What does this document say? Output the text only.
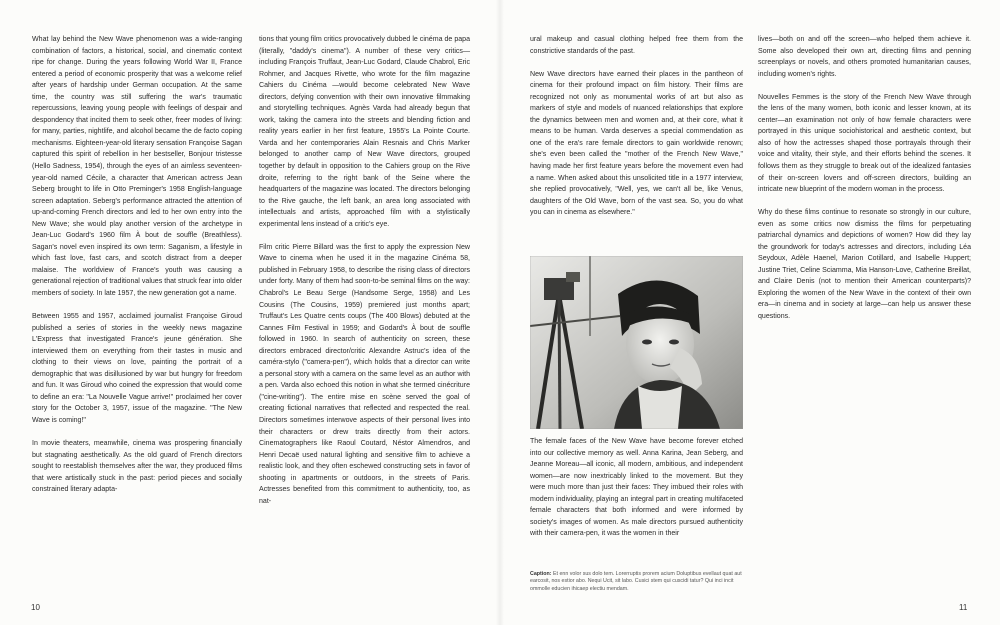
What lay behind the New Wave phenomenon was a wide-ranging combination of factors, a historical, social, and cinematic context ripe for change. During the years following World War II, France entered a period of economic prosperity that was a welcome relief after years of hardship under German occupation. At the same time, the country was still suffering the war's traumatic repercussions, leaving young people with feelings of despair and despondency that incited them to seek other, freer modes of living: for many, parties, nightlife, and alcohol became the de facto coping mechanisms. Eighteen-year-old literary sensation Françoise Sagan captured this spirit of rebellion in her bestseller, Bonjour tristesse (Hello Sadness, 1954), through the eyes of an aimless seventeen-year-old named Cécile, a character that American actress Jean Seberg brought to life in Otto Preminger's 1958 English-language screen adaptation. Seberg's performance attracted the attention of up-and-coming French directors and led to her own entry into the New Wave; she would play another version of the archetype in Jean-Luc Godard's 1960 film À bout de souffle (Breathless). Sagan's novel even inspired its own term: Saganism, a lifestyle in which fast love, fast cars, and scotch distract from a deeper malaise. The worldview of France's youth was causing a generational rejection of traditional values that struck fear into older members of society. In late 1957, the new generation got a name.

Between 1955 and 1957, acclaimed journalist Françoise Giroud published a series of stories in the weekly news magazine L'Express that investigated France's jeune génération. She interviewed them on everything from their tastes in music and clothing to their views on love, painting the portrait of a demographic that was disillusioned by war but hungry for freedom and fun. It was Giroud who coined the expression that would come to define an era: "La Nouvelle Vague arrive!" proclaimed her cover story for the October 3, 1957, issue of the magazine. "The New Wave is coming!"

In movie theaters, meanwhile, cinema was prospering financially but stagnating aesthetically. As the old guard of French directors sought to reestablish themselves after the war, they produced films that were artistically stuck in the past: period pieces and socially constrained literary adapta-

tions that young film critics provocatively dubbed le cinéma de papa (literally, "daddy's cinema"). A number of these very critics—including François Truffaut, Jean-Luc Godard, Claude Chabrol, Eric Rohmer, and Jacques Rivette, who wrote for the film magazine Cahiers du Cinéma —would become celebrated New Wave directors, defying convention with their own innovative filmmaking and storytelling techniques. Agnès Varda had already begun that work, taking the camera into the streets and blending fiction and reality years earlier in her first feature, 1955's La Pointe Courte. Varda and her contemporaries Alain Resnais and Chris Marker belonged to another camp of New Wave directors, grouped together by default in opposition to the Cahiers group on the Rive droite, referring to the right bank of the Seine where the headquarters of the magazine was located. The directors belonging to the Rive gauche, the left bank, an area long associated with intellectuals and artists, approached film with a stylistically experimental lens instead of a critic's eye.

Film critic Pierre Billard was the first to apply the expression New Wave to cinema when he used it in the magazine Cinéma 58, published in February 1958, to describe the rising class of directors under forty. Many of them had soon-to-be seminal films on the way: Chabrol's Le Beau Serge (Handsome Serge, 1958) and Les Cousins (The Cousins, 1959) premiered just months apart; Truffaut's Les Quatre cents coups (The 400 Blows) debuted at the Cannes Film Festival in 1959; and Godard's À bout de souffle followed in 1960. In search of authenticity on screen, these directors embraced director/critic Alexandre Astruc's idea of the caméra-stylo ("camera-pen"), which holds that a director can write a personal story with a camera on the same level as an author with a pen. Varda also echoed this notion in what she termed cinécriture ("cine-writing"). The entire mise en scène served the goal of creating fictional narratives that reflected and respected the real. Directors sometimes interwove aspects of their personal lives into their characters or drew traits directly from their actors. Cinematographers like Raoul Coutard, Néstor Almendros, and Henri Decaë used natural lighting and sensitive film to achieve a realistic look, and they often eschewed constructing sets in favor of shooting in apartments or outdoors, in the streets of Paris. Actresses benefited from this commitment to authenticity, too, as nat-

10

ural makeup and casual clothing helped free them from the constrictive standards of the past.

New Wave directors have earned their places in the pantheon of cinema for their profound impact on film history. Their films are recognized not only as monumental works of art but also as markers of style and models of nuanced relationships that explore the dynamics between men and women and, at their core, what it means to be human. Varda deserves a special commendation as one of the era's rare female directors to gain worldwide renown; she's even been called the "mother of the French New Wave," having made her first feature years before the movement even had a name. When asked about this unsolicited title in a 1977 interview, she replied provocatively, "Well, yes, we can't all be, like Venus, daughters of the Old Wave, born of the vast sea. So, you do what you can in cinema as elsewhere."

The female faces of the New Wave have become forever etched into our collective memory as well. Anna Karina, Jean Seberg, and Jeanne Moreau—all iconic, all modern, ambitious, and independent women—are now inextricably linked to the movement. But they were much more than just their faces: They imbued their roles with modern individuality, playing an integral part in creating multifaceted female characters that both informed and were informed by society's images of women. As male directors pursued authenticity with their camera-pen, it was the women in their

Caption: Et enn volor sus dolo tem. Lorerruptis prorem acium Doluptibus evellaut quat aut earcosit, nos estior abo. Nequi Ucit, sit labo. Cusici stem qui cuscidi tatur? Qui inci incit ommolle educien ihicaep electiu mendam.

lives—both on and off the screen—who helped them achieve it. Some also developed their own art, directing films and penning screenplays or novels, and others promoted humanitarian causes, including women's rights.

Nouvelles Femmes is the story of the French New Wave through the lens of the many women, both iconic and lesser known, at its center—an examination not only of how female characters were portrayed in this unique sociohistorical and aesthetic context, but also of how the actresses shaped those portrayals through their voice and vitality, their style, and their efforts behind the scenes. It follows them as they struggle to break out of the idealized fantasies of their on-screen lovers and off-screen directors, building an intricate new blueprint of the modern woman in the process.

Why do these films continue to resonate so strongly in our culture, even as some critics now dismiss the films for perpetuating patriarchal dynamics and depictions of women? How did they lay the groundwork for today's actresses and directors, including Léa Seydoux, Adèle Haenel, Marion Cotillard, and Isabelle Huppert; Justine Triet, Celine Sciamma, Mia Hanson-Love, Catherine Breillat, and Claire Denis (not to mention their American counterparts)? Exploring the women of the New Wave in the context of their own era—in cinema and in society at large—can help us answer these questions.

11
